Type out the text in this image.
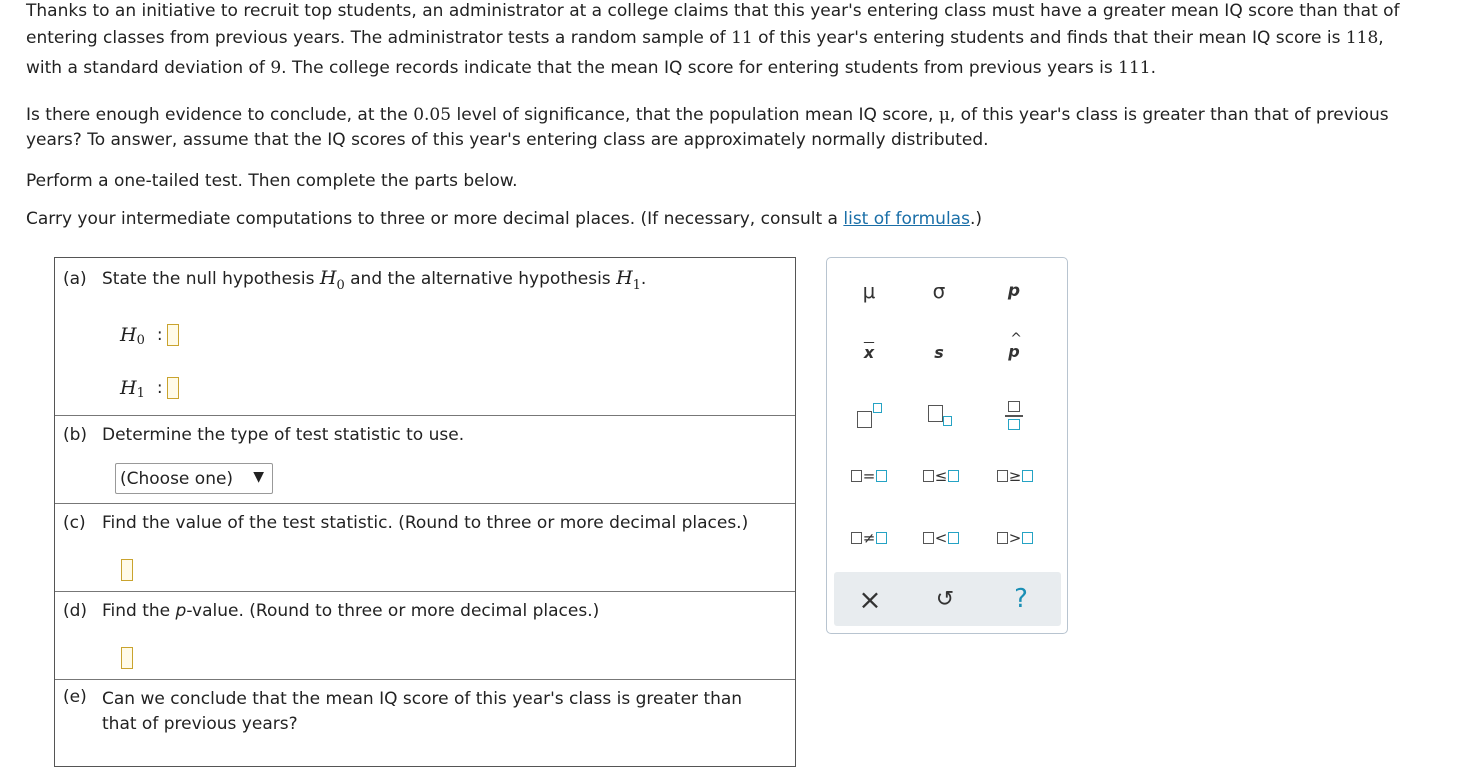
Thanks to an initiative to recruit top students, an administrator at a college claims that this year's entering class must have a greater mean IQ score than that of
entering classes from previous years. The administrator tests a random sample of 11 of this year's entering students and finds that their mean IQ score is 118,
with a standard deviation of 9. The college records indicate that the mean IQ score for entering students from previous years is 111.

Is there enough evidence to conclude, at the 0.05 level of significance, that the population mean IQ score, μ, of this year's class is greater than that of previous
years? To answer, assume that the IQ scores of this year's entering class are approximately normally distributed.

Perform a one-tailed test. Then complete the parts below.

Carry your intermediate computations to three or more decimal places. (If necessary, consult a list of formulas.)

(a) State the null hypothesis $H_0$ and the alternative hypothesis $H_1$.
H 0 :
H 1 :
(b) Determine the type of test statistic to use.
(Choose one) ▼
(c) Find the value of the test statistic. (Round to three or more decimal places.)
(d) Find the p-value. (Round to three or more decimal places.)
(e) Can we conclude that the mean IQ score of this year's class is greater than
that of previous years?
μ	σ	p
$\overline{x}$	s
^
p
=	≤	≥
≠	<	>
× ↺ ?
